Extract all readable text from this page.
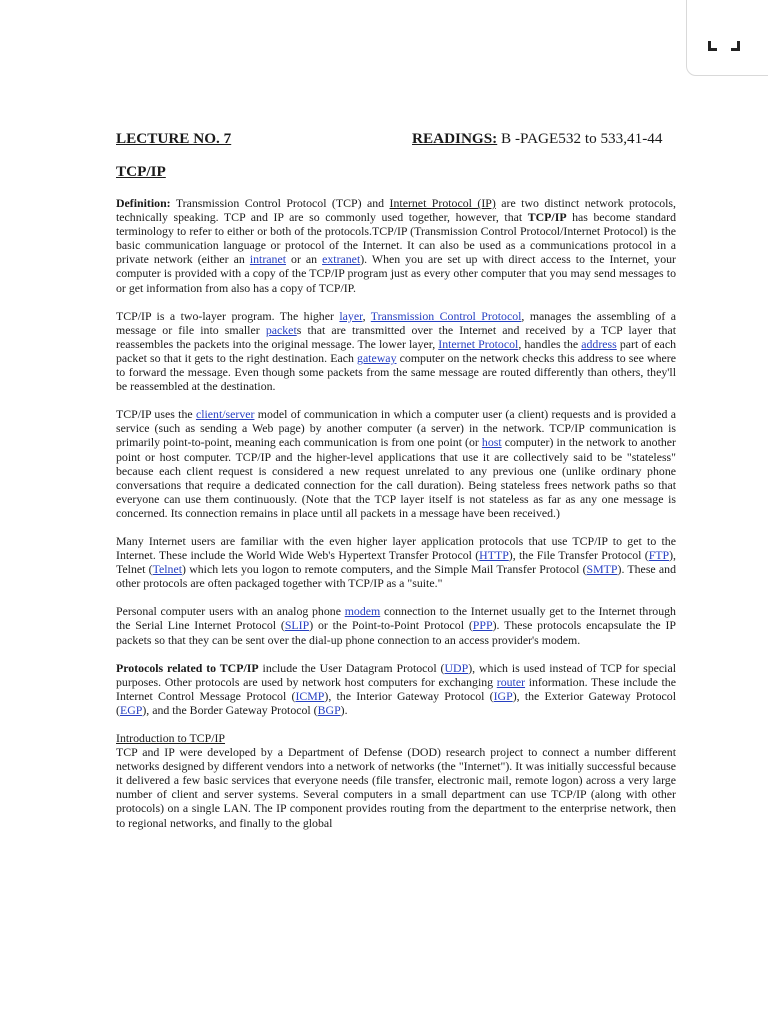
LECTURE NO. 7	READINGS: B -PAGE532 to 533,41-44
TCP/IP

Definition: Transmission Control Protocol (TCP) and Internet Protocol (IP) are two distinct network protocols, technically speaking. TCP and IP are so commonly used together, however, that TCP/IP has become standard terminology to refer to either or both of the protocols.TCP/IP (Transmission Control Protocol/Internet Protocol) is the basic communication language or protocol of the Internet. It can also be used as a communications protocol in a private network (either an intranet or an extranet). When you are set up with direct access to the Internet, your computer is provided with a copy of the TCP/IP program just as every other computer that you may send messages to or get information from also has a copy of TCP/IP.

TCP/IP is a two-layer program. The higher layer, Transmission Control Protocol, manages the assembling of a message or file into smaller packets that are transmitted over the Internet and received by a TCP layer that reassembles the packets into the original message. The lower layer, Internet Protocol, handles the address part of each packet so that it gets to the right destination. Each gateway computer on the network checks this address to see where to forward the message. Even though some packets from the same message are routed differently than others, they'll be reassembled at the destination.

TCP/IP uses the client/server model of communication in which a computer user (a client) requests and is provided a service (such as sending a Web page) by another computer (a server) in the network. TCP/IP communication is primarily point-to-point, meaning each communication is from one point (or host computer) in the network to another point or host computer. TCP/IP and the higher-level applications that use it are collectively said to be "stateless" because each client request is considered a new request unrelated to any previous one (unlike ordinary phone conversations that require a dedicated connection for the call duration). Being stateless frees network paths so that everyone can use them continuously. (Note that the TCP layer itself is not stateless as far as any one message is concerned. Its connection remains in place until all packets in a message have been received.)

Many Internet users are familiar with the even higher layer application protocols that use TCP/IP to get to the Internet. These include the World Wide Web's Hypertext Transfer Protocol (HTTP), the File Transfer Protocol (FTP), Telnet (Telnet) which lets you logon to remote computers, and the Simple Mail Transfer Protocol (SMTP). These and other protocols are often packaged together with TCP/IP as a "suite."

Personal computer users with an analog phone modem connection to the Internet usually get to the Internet through the Serial Line Internet Protocol (SLIP) or the Point-to-Point Protocol (PPP). These protocols encapsulate the IP packets so that they can be sent over the dial-up phone connection to an access provider's modem.

Protocols related to TCP/IP include the User Datagram Protocol (UDP), which is used instead of TCP for special purposes. Other protocols are used by network host computers for exchanging router information. These include the Internet Control Message Protocol (ICMP), the Interior Gateway Protocol (IGP), the Exterior Gateway Protocol (EGP), and the Border Gateway Protocol (BGP).

Introduction to TCP/IP
TCP and IP were developed by a Department of Defense (DOD) research project to connect a number different networks designed by different vendors into a network of networks (the "Internet"). It was initially successful because it delivered a few basic services that everyone needs (file transfer, electronic mail, remote logon) across a very large number of client and server systems. Several computers in a small department can use TCP/IP (along with other protocols) on a single LAN. The IP component provides routing from the department to the enterprise network, then to regional networks, and finally to the global
